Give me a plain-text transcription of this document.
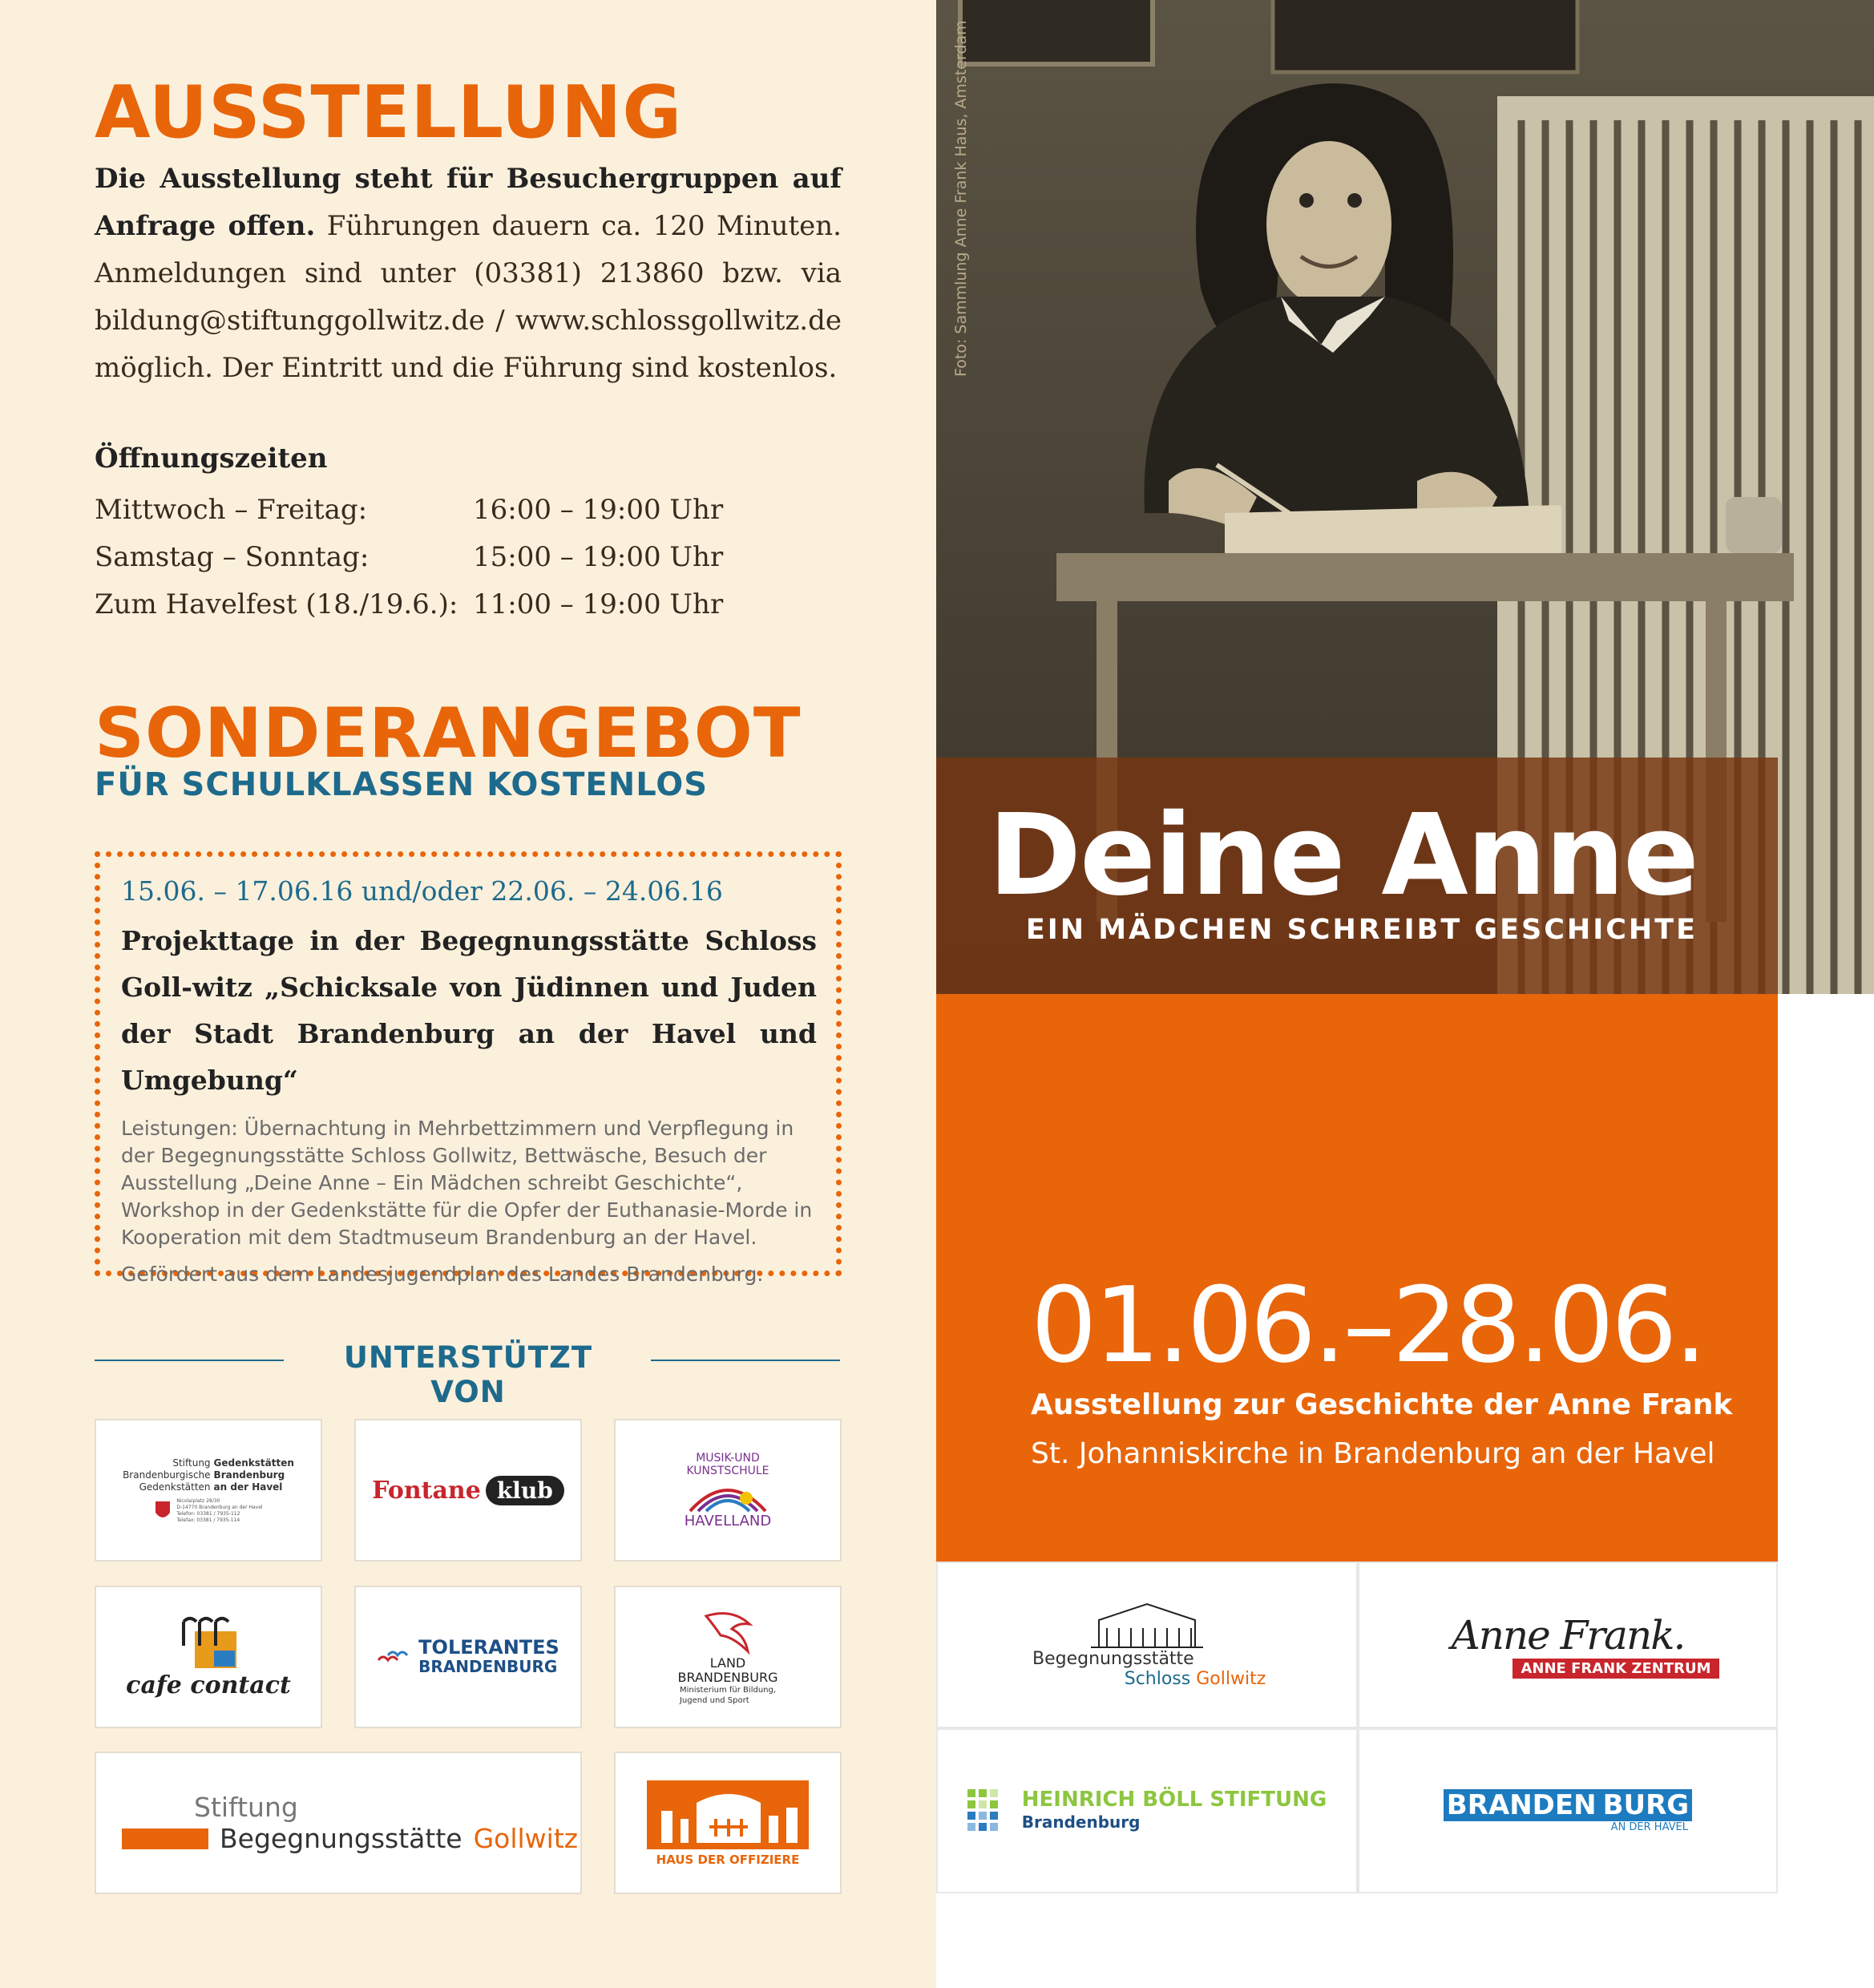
AUSSTELLUNG

Die Ausstellung steht für Besuchergruppen auf Anfrage offen. Führungen dauern ca. 120 Minuten. Anmeldungen sind unter (03381) 213860 bzw. via bildung@stiftunggollwitz.de / www.schlossgollwitz.de möglich. Der Eintritt und die Führung sind kostenlos.

Öffnungszeiten

Mittwoch – Freitag:	16:00 – 19:00 Uhr
Samstag – Sonntag:	15:00 – 19:00 Uhr
Zum Havelfest (18./19.6.): 11:00 – 19:00 Uhr
SONDERANGEBOT

FÜR SCHULKLASSEN KOSTENLOS

15.06. – 17.06.16 und/oder 22.06. – 24.06.16

Projekttage in der Begegnungsstätte Schloss Goll-witz „Schicksale von Jüdinnen und Juden der Stadt Brandenburg an der Havel und Umgebung“

Leistungen: Übernachtung in Mehrbettzimmern und Verpflegung in der Begegnungsstätte Schloss Gollwitz, Bettwäsche, Besuch der Ausstellung „Deine Anne – Ein Mädchen schreibt Geschichte“, Workshop in der Gedenkstätte für die Opfer der Euthanasie-Morde in Kooperation mit dem Stadtmuseum Brandenburg an der Havel.

Gefördert aus dem Landesjugendplan des Landes Brandenburg.

UNTERSTÜTZT VON

Stiftung
Brandenburgische
Gedenkstätten
Gedenkstätten
Brandenburg
an der Havel
Nicolaiplatz 28/30
D-14770 Brandenburg an der Havel
Telefon: 03381 / 7935-112
Telefax: 03381 / 7935-114
Fontane klub
MUSIK-UND KUNSTSCHULE
HAVELLAND
cafe contact
TOLERANTES
BRANDENBURG	LAND
BRANDENBURG
Ministerium für Bildung,
Jugend und Sport
Stiftung
Begegnungsstätte Gollwitz
HAUS DER OFFIZIERE
Deine Anne

EIN MÄDCHEN SCHREIBT GESCHICHTE

01.06.–28.06.

Ausstellung zur Geschichte der Anne Frank

St. Johanniskirche in Brandenburg an der Havel

Begegnungsstätte
Schloss Gollwitz
Anne Frank.
ANNE FRANK ZENTRUM
HEINRICH BÖLL STIFTUNG
Brandenburg
BRANDEN BURG
AN DER HAVEL
Foto: Sammlung Anne Frank Haus, Amsterdam
